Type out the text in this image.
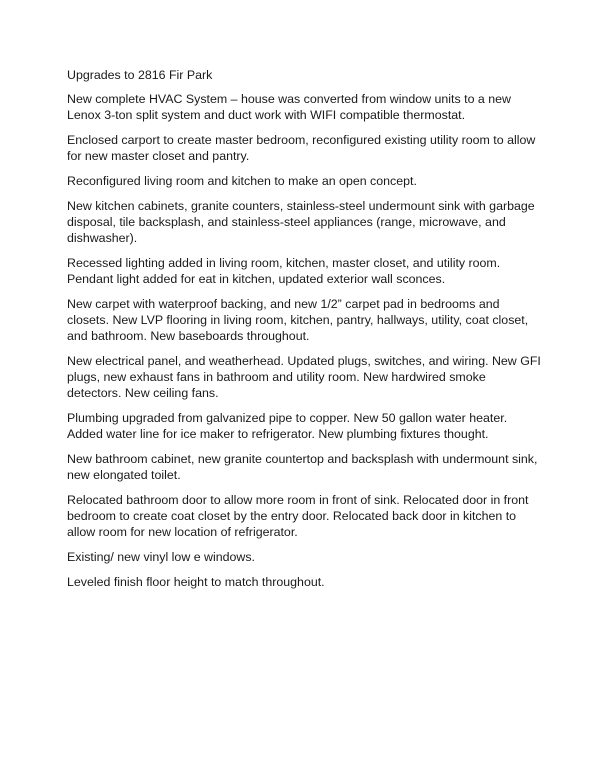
Upgrades to 2816 Fir Park

New complete HVAC System – house was converted from window units to a new Lenox 3-ton split system and duct work with WIFI compatible thermostat.

Enclosed carport to create master bedroom, reconfigured existing utility room to allow for new master closet and pantry.

Reconfigured living room and kitchen to make an open concept.

New kitchen cabinets, granite counters, stainless-steel undermount sink with garbage disposal, tile backsplash, and stainless-steel appliances (range, microwave, and dishwasher).

Recessed lighting added in living room, kitchen, master closet, and utility room. Pendant light added for eat in kitchen, updated exterior wall sconces.

New carpet with waterproof backing, and new 1/2” carpet pad in bedrooms and closets. New LVP flooring in living room, kitchen, pantry, hallways, utility, coat closet, and bathroom. New baseboards throughout.

New electrical panel, and weatherhead. Updated plugs, switches, and wiring. New GFI plugs, new exhaust fans in bathroom and utility room. New hardwired smoke detectors. New ceiling fans.

Plumbing upgraded from galvanized pipe to copper. New 50 gallon water heater. Added water line for ice maker to refrigerator. New plumbing fixtures thought.

New bathroom cabinet, new granite countertop and backsplash with undermount sink, new elongated toilet.

Relocated bathroom door to allow more room in front of sink. Relocated door in front bedroom to create coat closet by the entry door. Relocated back door in kitchen to allow room for new location of refrigerator.

Existing/ new vinyl low e windows.

Leveled finish floor height to match throughout.
